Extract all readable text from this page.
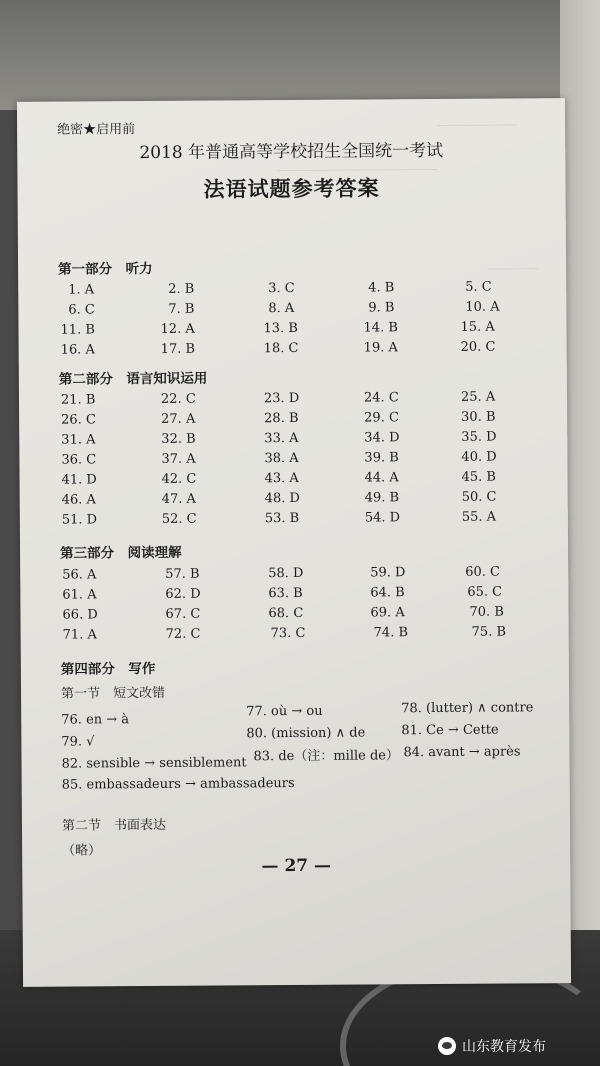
绝密★启用前
2018 年普通高等学校招生全国统一考试
法语试题参考答案
第一部分　听力
1. A	2. B	3. C	4. B	5. C
6. C	7. B	8. A	9. B	10. A
11. B	12. A	13. B	14. B	15. A
16. A	17. B	18. C	19. A	20. C
第二部分　语言知识运用
21. B	22. C	23. D	24. C	25. A
26. C	27. A	28. B	29. C	30. B
31. A	32. B	33. A	34. D	35. D
36. C	37. A	38. A	39. B	40. D
41. D	42. C	43. A	44. A	45. B
46. A	47. A	48. D	49. B	50. C
51. D	52. C	53. B	54. D	55. A
第三部分　阅读理解
56. A	57. B	58. D	59. D	60. C
61. A	62. D	63. B	64. B	65. C
66. D	67. C	68. C	69. A	70. B
71. A	72. C	73. C	74. B	75. B
第四部分　写作
第一节　短文改错
76. en → à
77. où → ou	78. (lutter) ∧ contre
79. √
80. (mission) ∧ de	81. Ce → Cette
82. sensible → sensiblement 83. de（注：mille de） 84. avant → après
85. embassadeurs → ambassadeurs
第二节　书面表达
（略）
— 27 —
山东教育发布
